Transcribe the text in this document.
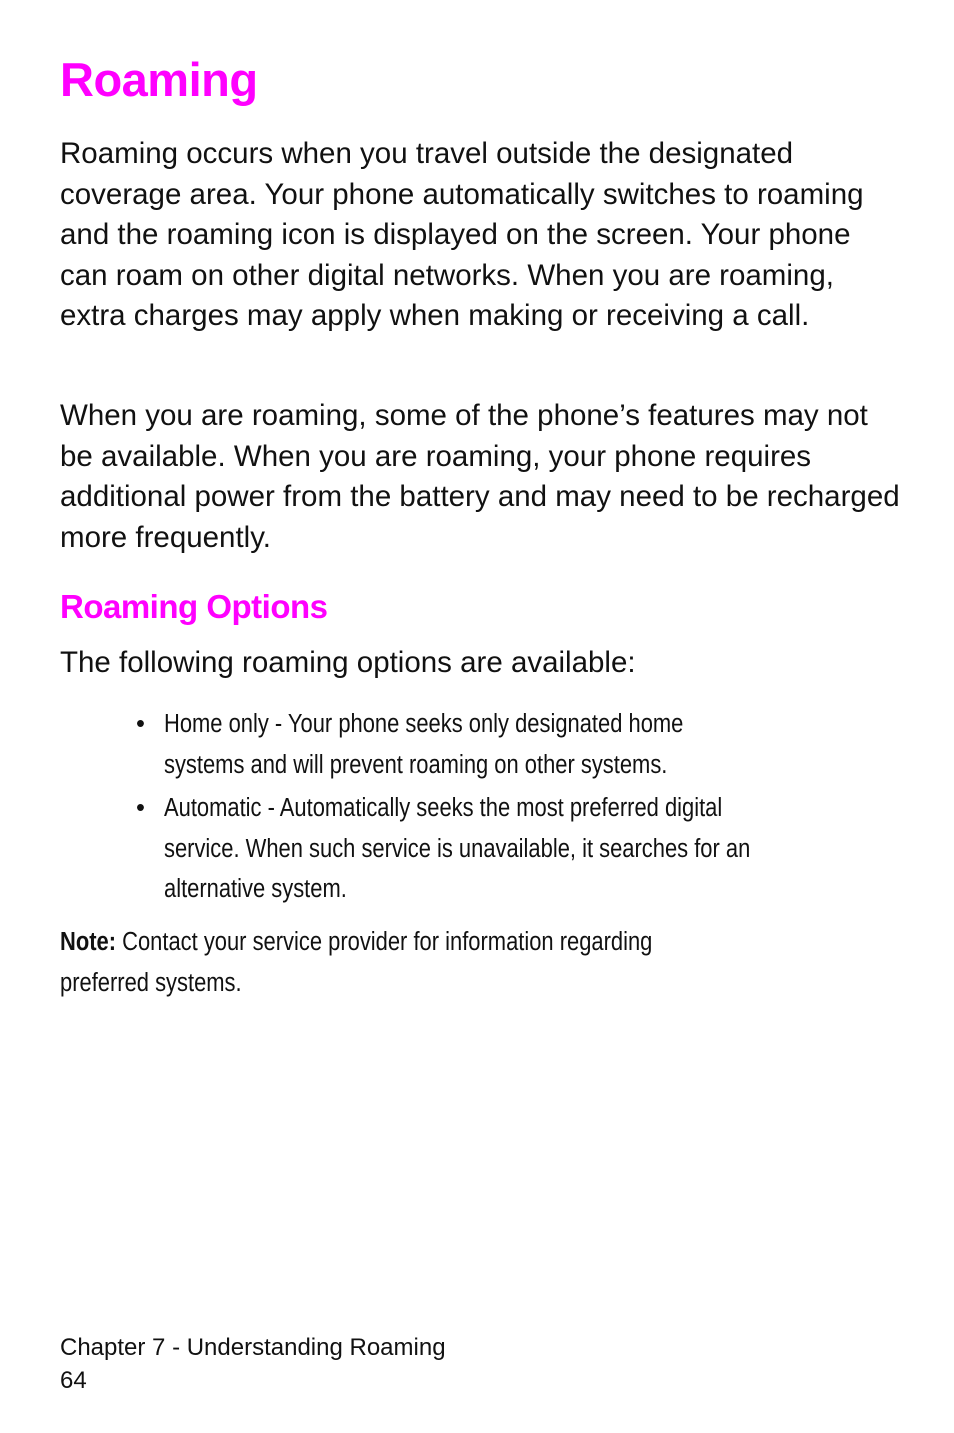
Roaming

Roaming occurs when you travel outside the designated coverage area. Your phone automatically switches to roaming and the roaming icon is displayed on the screen. Your phone can roam on other digital networks. When you are roaming, extra charges may apply when making or receiving a call.

When you are roaming, some of the phone’s features may not be available. When you are roaming, your phone requires additional power from the battery and may need to be recharged more frequently.

Roaming Options

The following roaming options are available:

• Home only - Your phone seeks only designated home
systems and will prevent roaming on other systems.
• Automatic - Automatically seeks the most preferred digital
service. When such service is unavailable, it searches for an
alternative system.
Note: Contact your service provider for information regarding
preferred systems.
Chapter 7 - Understanding Roaming
64
